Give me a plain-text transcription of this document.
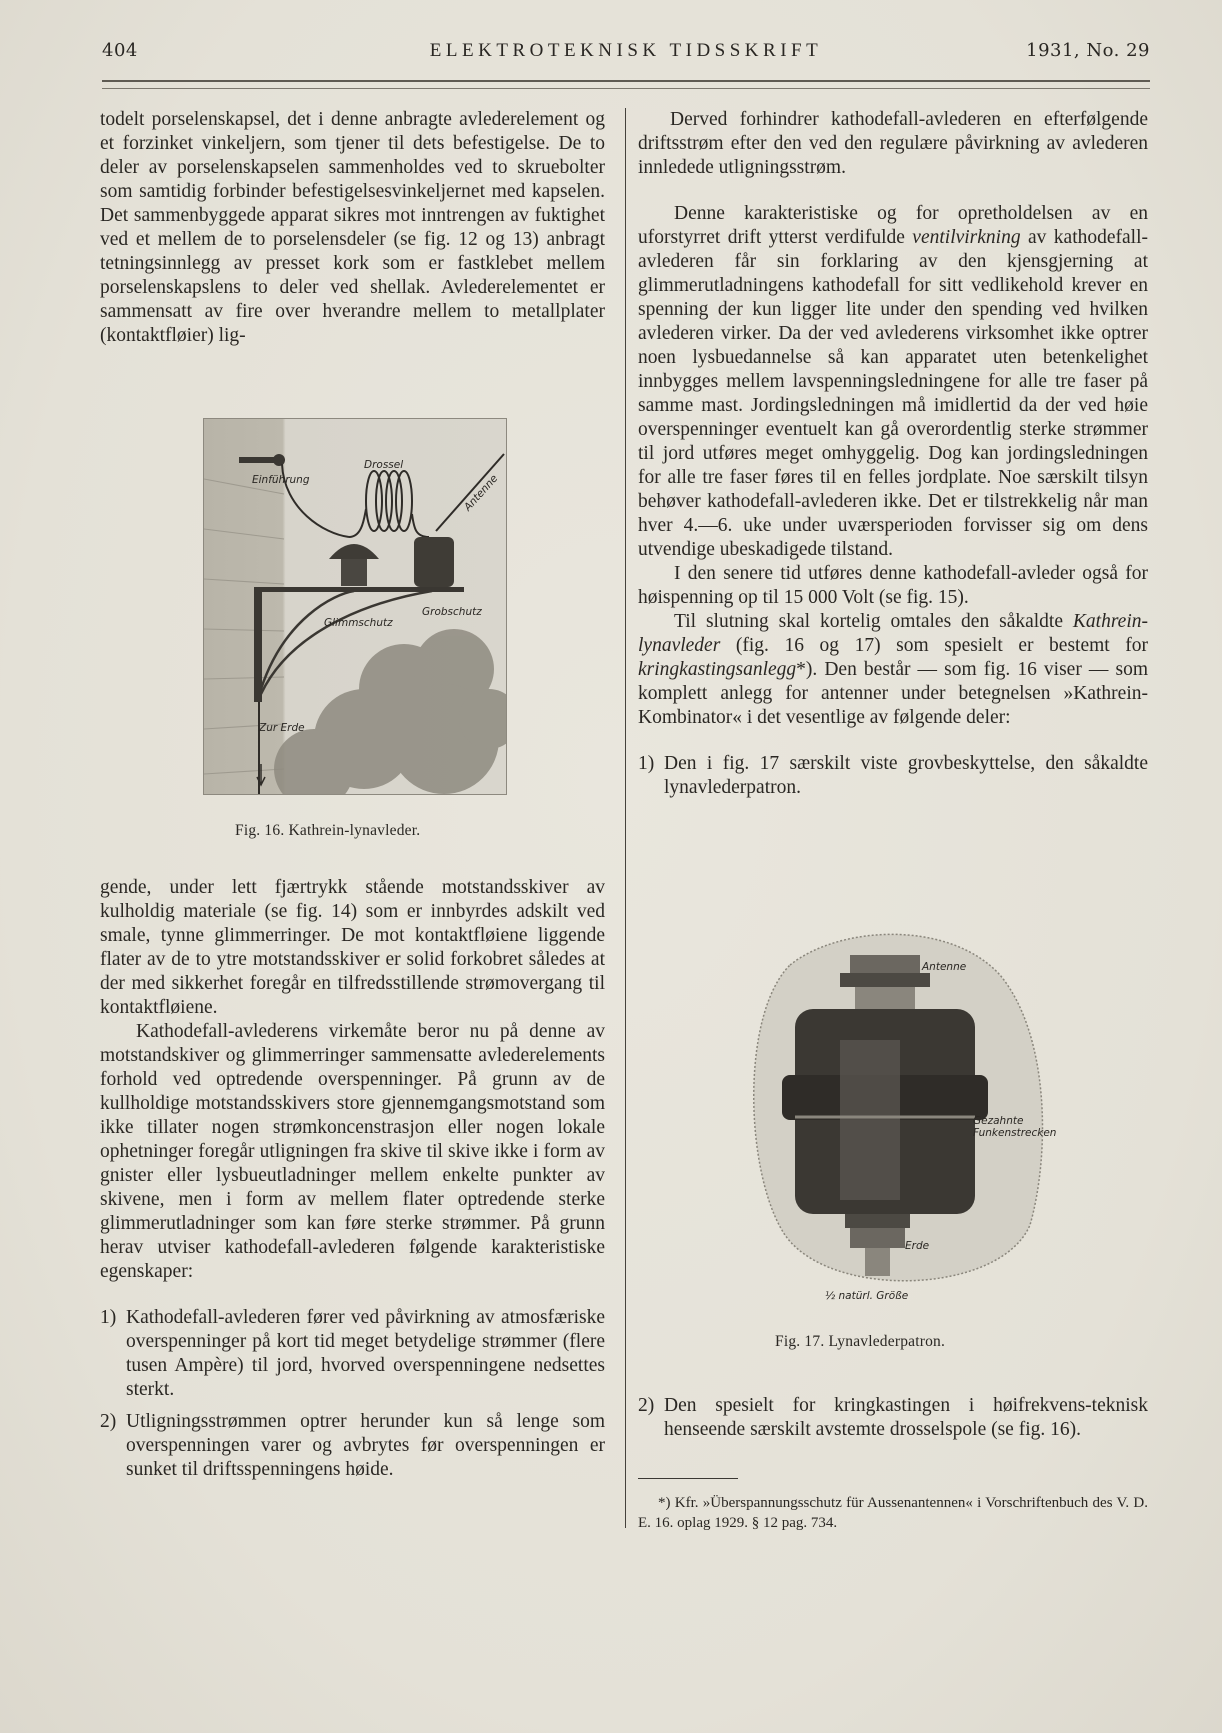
404	ELEKTROTEKNISK TIDSSKRIFT	1931, No. 29

todelt porselenskapsel, det i denne anbragte avlederelement og et forzinket vinkeljern, som tjener til dets befestigelse. De to deler av porselenskapselen sammenholdes ved to skruebolter som samtidig forbinder befestigelsesvinkeljernet med kapselen. Det sammenbyggede apparat sikres mot inntrengen av fuktighet ved et mellem de to porselensdeler (se fig. 12 og 13) anbragt tetningsinnlegg av presset kork som er fastklebet mellem porselenskapslens to deler ved shellak. Avlederelementet er sammensatt av fire over hverandre mellem to metallplater (kontaktfløier) lig-

Einführung
Drossel
Antenne
Glimmschutz
Grobschutz
Zur Erde
Fig. 16. Kathrein-lynavleder.

gende, under lett fjærtrykk stående motstandsskiver av kulholdig materiale (se fig. 14) som er innbyrdes adskilt ved smale, tynne glimmerringer. De mot kontaktfløiene liggende flater av de to ytre motstandsskiver er solid forkobret således at der med sikkerhet foregår en tilfredsstillende strømovergang til kontaktfløiene.

Kathodefall-avlederens virkemåte beror nu på denne av motstandskiver og glimmerringer sammensatte avlederelements forhold ved optredende overspenninger. På grunn av de kullholdige motstandsskivers store gjennemgangsmotstand som ikke tillater nogen strømkoncenstrasjon eller nogen lokale ophetninger foregår utligningen fra skive til skive ikke i form av gnister eller lysbueutladninger mellem enkelte punkter av skivene, men i form av mellem flater optredende sterke glimmerutladninger som kan føre sterke strømmer. På grunn herav utviser kathodefall-avlederen følgende karakteristiske egenskaper:

1) Kathodefall-avlederen fører ved påvirkning av atmosfæriske overspenninger på kort tid meget betydelige strømmer (flere tusen Ampère) til jord, hvorved overspenningene nedsettes sterkt.
2) Utligningsstrømmen optrer herunder kun så lenge som overspenningen varer og avbrytes før overspenningen er sunket til driftsspenningens høide.

Derved forhindrer kathodefall-avlederen en efterfølgende driftsstrøm efter den ved den regulære påvirkning av avlederen innledede utligningsstrøm.

Denne karakteristiske og for opretholdelsen av en uforstyrret drift ytterst verdifulde ventilvirkning av kathodefall-avlederen får sin forklaring av den kjensgjerning at glimmerutladningens kathodefall for sitt vedlikehold krever en spenning der kun ligger lite under den spending ved hvilken avlederen virker. Da der ved avlederens virksomhet ikke optrer noen lysbuedannelse så kan apparatet uten betenkelighet innbygges mellem lavspenningsledningene for alle tre faser på samme mast. Jordingsledningen må imidlertid da der ved høie overspenninger eventuelt kan gå overordentlig sterke strømmer til jord utføres meget omhyggelig. Dog kan jordingsledningen for alle tre faser føres til en felles jordplate. Noe særskilt tilsyn behøver kathodefall-avlederen ikke. Det er tilstrekkelig når man hver 4.—6. uke under uværsperioden forvisser sig om dens utvendige ubeskadigede tilstand.

I den senere tid utføres denne kathodefall-avleder også for høispenning op til 15 000 Volt (se fig. 15).

Til slutning skal kortelig omtales den såkaldte Kathrein-lynavleder (fig. 16 og 17) som spesielt er bestemt for kringkastingsanlegg*). Den består — som fig. 16 viser — som komplett anlegg for antenner under betegnelsen »Kathrein-Kombinator« i det vesentlige av følgende deler:

1) Den i fig. 17 særskilt viste grovbeskyttelse, den såkaldte lynavlederpatron.
Antenne
Gezahnte
Funkenstrecken
Erde
½ natürl. Größe
Fig. 17. Lynavlederpatron.
2) Den spesielt for kringkastingen i høifrekvens-teknisk henseende særskilt avstemte drosselspole (se fig. 16).

*) Kfr. »Überspannungsschutz für Aussenantennen« i Vorschriftenbuch des V. D. E. 16. oplag 1929. § 12 pag. 734.
